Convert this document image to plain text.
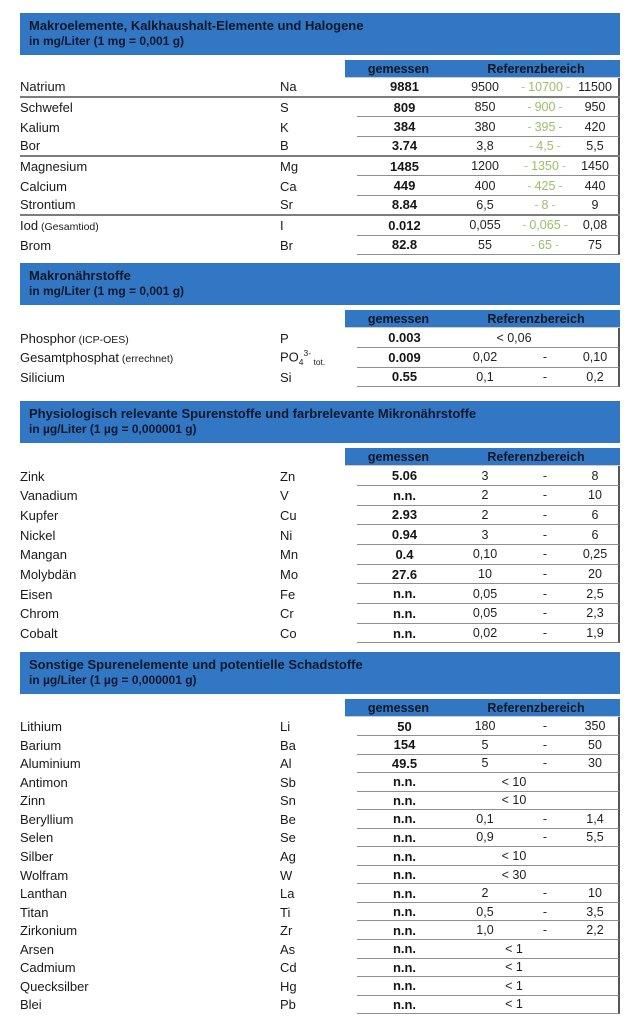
Makroelemente, Kalkhaushalt-Elemente und Halogene
in mg/Liter (1 mg = 0,001 g)
gemessen	Referenzbereich
Natrium	Na	9881	9500	- 10700 - 11500
Schwefel	S	809	850	- 900 -	950
Kalium	K	384	380	- 395 -	420
Bor	B	3.74	3,8	- 4,5 -	5,5
Magnesium	Mg	1485	1200	- 1350 -	1450
Calcium	Ca	449	400	- 425 -	440
Strontium	Sr	8.84	6,5	- 8 -	9
Iod (Gesamtiod)	I	0.012	0,055	- 0,065 -	0,08
Brom	Br	82.8	55	- 65 -	75
Makronährstoffe
in mg/Liter (1 mg = 0,001 g)
gemessen	Referenzbereich
Phosphor (ICP-OES)	P	0.003	< 0,06
Gesamtphosphat (errechnet)	$PO_4^{3-}$ $_{tot.}$	0.009	0,02	-	0,10
Silicium	Si	0.55	0,1	-	0,2
Physiologisch relevante Spurenstoffe und farbrelevante Mikronährstoffe
in µg/Liter (1 µg = 0,000001 g)
gemessen	Referenzbereich
Zink	Zn	5.06	3	-	8
Vanadium	V	n.n.	2	-	10
Kupfer	Cu	2.93	2	-	6
Nickel	Ni	0.94	3	-	6
Mangan	Mn	0.4	0,10	-	0,25
Molybdän	Mo	27.6	10	-	20
Eisen	Fe	n.n.	0,05	-	2,5
Chrom	Cr	n.n.	0,05	-	2,3
Cobalt	Co	n.n.	0,02	-	1,9
Sonstige Spurenelemente und potentielle Schadstoffe
in µg/Liter (1 µg = 0,000001 g)
gemessen	Referenzbereich
Lithium	Li	50	180	-	350
Barium	Ba	154	5	-	50
Aluminium	Al	49.5	5	-	30
Antimon	Sb	n.n.	< 10
Zinn	Sn	n.n.	< 10
Beryllium	Be	n.n.	0,1	-	1,4
Selen	Se	n.n.	0,9	-	5,5
Silber	Ag	n.n.	< 10
Wolfram	W	n.n.	< 30
Lanthan	La	n.n.	2	-	10
Titan	Ti	n.n.	0,5	-	3,5
Zirkonium	Zr	n.n.	1,0	-	2,2
Arsen	As	n.n.	< 1
Cadmium	Cd	n.n.	< 1
Quecksilber	Hg	n.n.	< 1
Blei	Pb	n.n.	< 1
